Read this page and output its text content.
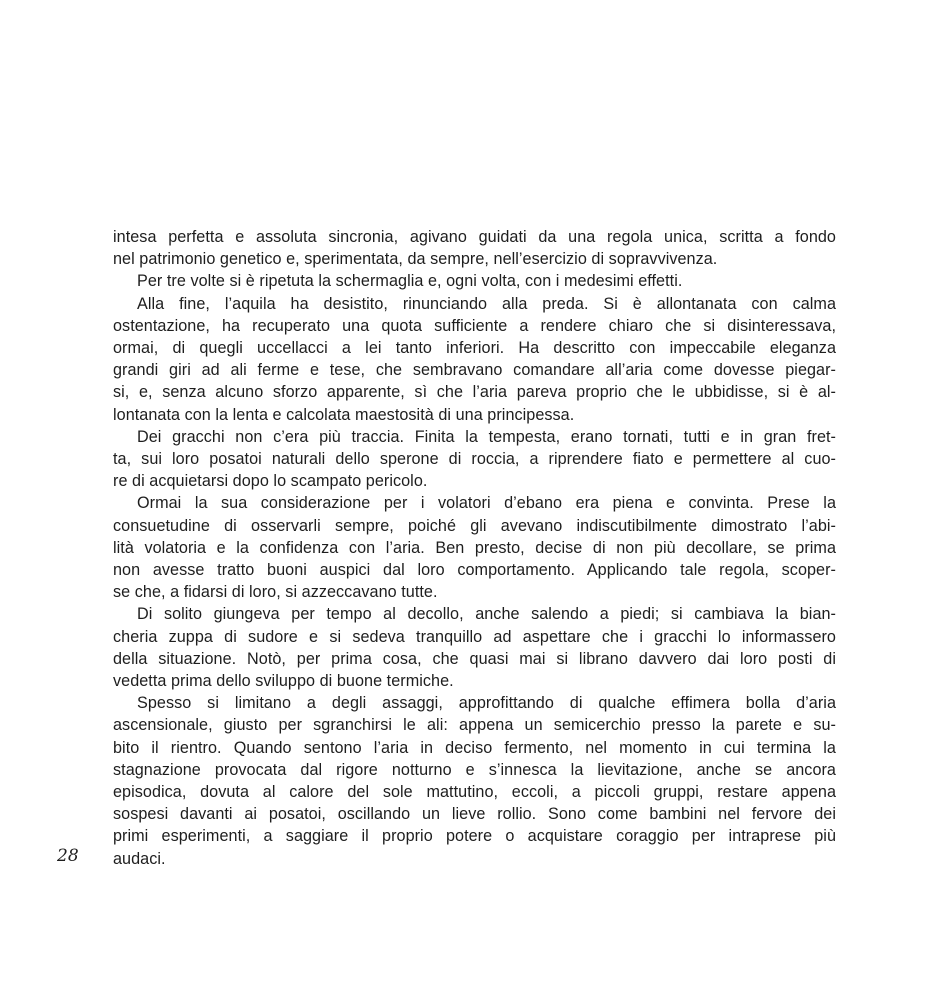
intesa perfetta e assoluta sincronia, agivano guidati da una regola unica, scritta a fondo
nel patrimonio genetico e, sperimentata, da sempre, nell’esercizio di sopravvivenza.
Per tre volte si è ripetuta la schermaglia e, ogni volta, con i medesimi effetti.
Alla fine, l’aquila ha desistito, rinunciando alla preda. Si è allontanata con calma
ostentazione, ha recuperato una quota sufficiente a rendere chiaro che si disinteressava,
ormai, di quegli uccellacci a lei tanto inferiori. Ha descritto con impeccabile eleganza
grandi giri ad ali ferme e tese, che sembravano comandare all’aria come dovesse piegar-
si, e, senza alcuno sforzo apparente, sì che l’aria pareva proprio che le ubbidisse, si è al-
lontanata con la lenta e calcolata maestosità di una principessa.
Dei gracchi non c’era più traccia. Finita la tempesta, erano tornati, tutti e in gran fret-
ta, sui loro posatoi naturali dello sperone di roccia, a riprendere fiato e permettere al cuo-
re di acquietarsi dopo lo scampato pericolo.
Ormai la sua considerazione per i volatori d’ebano era piena e convinta. Prese la
consuetudine di osservarli sempre, poiché gli avevano indiscutibilmente dimostrato l’abi-
lità volatoria e la confidenza con l’aria. Ben presto, decise di non più decollare, se prima
non avesse tratto buoni auspici dal loro comportamento. Applicando tale regola, scoper-
se che, a fidarsi di loro, si azzeccavano tutte.
Di solito giungeva per tempo al decollo, anche salendo a piedi; si cambiava la bian-
cheria zuppa di sudore e si sedeva tranquillo ad aspettare che i gracchi lo informassero
della situazione. Notò, per prima cosa, che quasi mai si librano davvero dai loro posti di
vedetta prima dello sviluppo di buone termiche.
Spesso si limitano a degli assaggi, approfittando di qualche effimera bolla d’aria
ascensionale, giusto per sgranchirsi le ali: appena un semicerchio presso la parete e su-
bito il rientro. Quando sentono l’aria in deciso fermento, nel momento in cui termina la
stagnazione provocata dal rigore notturno e s’innesca la lievitazione, anche se ancora
episodica, dovuta al calore del sole mattutino, eccoli, a piccoli gruppi, restare appena
sospesi davanti ai posatoi, oscillando un lieve rollio. Sono come bambini nel fervore dei
primi esperimenti, a saggiare il proprio potere o acquistare coraggio per intraprese più
audaci.
28
